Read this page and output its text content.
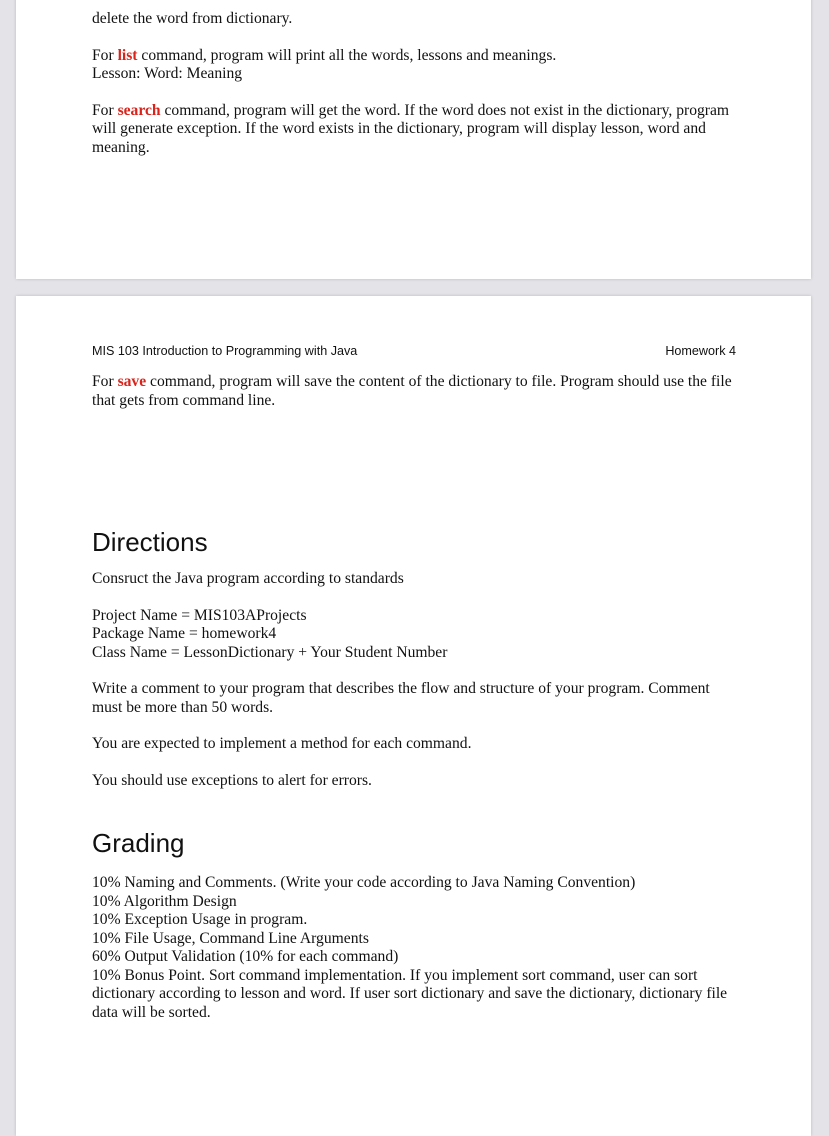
delete the word from dictionary.

For list command, program will print all the words, lessons and meanings.

Lesson: Word: Meaning

For search command, program will get the word. If the word does not exist in the dictionary, program will generate exception. If the word exists in the dictionary, program will display lesson, word and meaning.

MIS 103 Introduction to Programming with Java	Homework 4

For save command, program will save the content of the dictionary to file. Program should use the file that gets from command line.

Directions

Consruct the Java program according to standards

Project Name = MIS103AProjects

Package Name = homework4

Class Name = LessonDictionary + Your Student Number

Write a comment to your program that describes the flow and structure of your program. Comment must be more than 50 words.

You are expected to implement a method for each command.

You should use exceptions to alert for errors.

Grading

10% Naming and Comments. (Write your code according to Java Naming Convention)

10% Algorithm Design

10% Exception Usage in program.

10% File Usage, Command Line Arguments

60% Output Validation (10% for each command)

10% Bonus Point. Sort command implementation. If you implement sort command, user can sort dictionary according to lesson and word. If user sort dictionary and save the dictionary, dictionary file data will be sorted.
